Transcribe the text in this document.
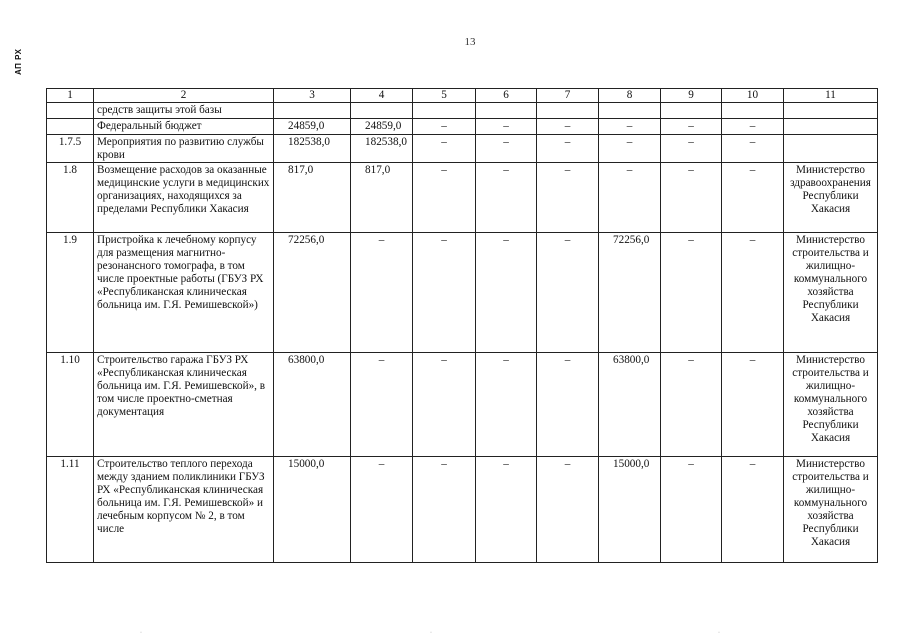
АП РХ
13
1	2	3	4	5	6	7	8	9	10	11
	средств защиты этой базы									
	Федеральный бюджет	24859,0	24859,0	–	–	–	–	–	–	
1.7.5	Мероприятия по развитию службы крови	182538,0	182538,0	–	–	–	–	–	–	
1.8	Возмещение расходов за оказанные медицинские услуги в медицинских организациях, находящихся за пределами Республики Хакасия	817,0	817,0	–	–	–	–	–	–	Министерство здравоохранения Республики Хакасия
1.9	Пристройка к лечебному корпусу для размещения магнитно-резонансного томографа, в том числе проектные работы (ГБУЗ РХ «Республиканская клиническая больница им. Г.Я. Ремишевской»)	72256,0	–	–	–	–	72256,0	–	–	Министерство строительства и жилищно-коммунального хозяйства Республики Хакасия
1.10	Строительство гаража ГБУЗ РХ «Республиканская клиническая больница им. Г.Я. Ремишевской», в том числе проектно-сметная документация	63800,0	–	–	–	–	63800,0	–	–	Министерство строительства и жилищно-коммунального хозяйства Республики Хакасия
1.11	Строительство теплого перехода между зданием поликлиники ГБУЗ РХ «Республиканская клиническая больница им. Г.Я. Ремишевской» и лечебным корпусом № 2, в том числе	15000,0	–	–	–	–	15000,0	–	–	Министерство строительства и жилищно-коммунального хозяйства Республики Хакасия
·	·	·
